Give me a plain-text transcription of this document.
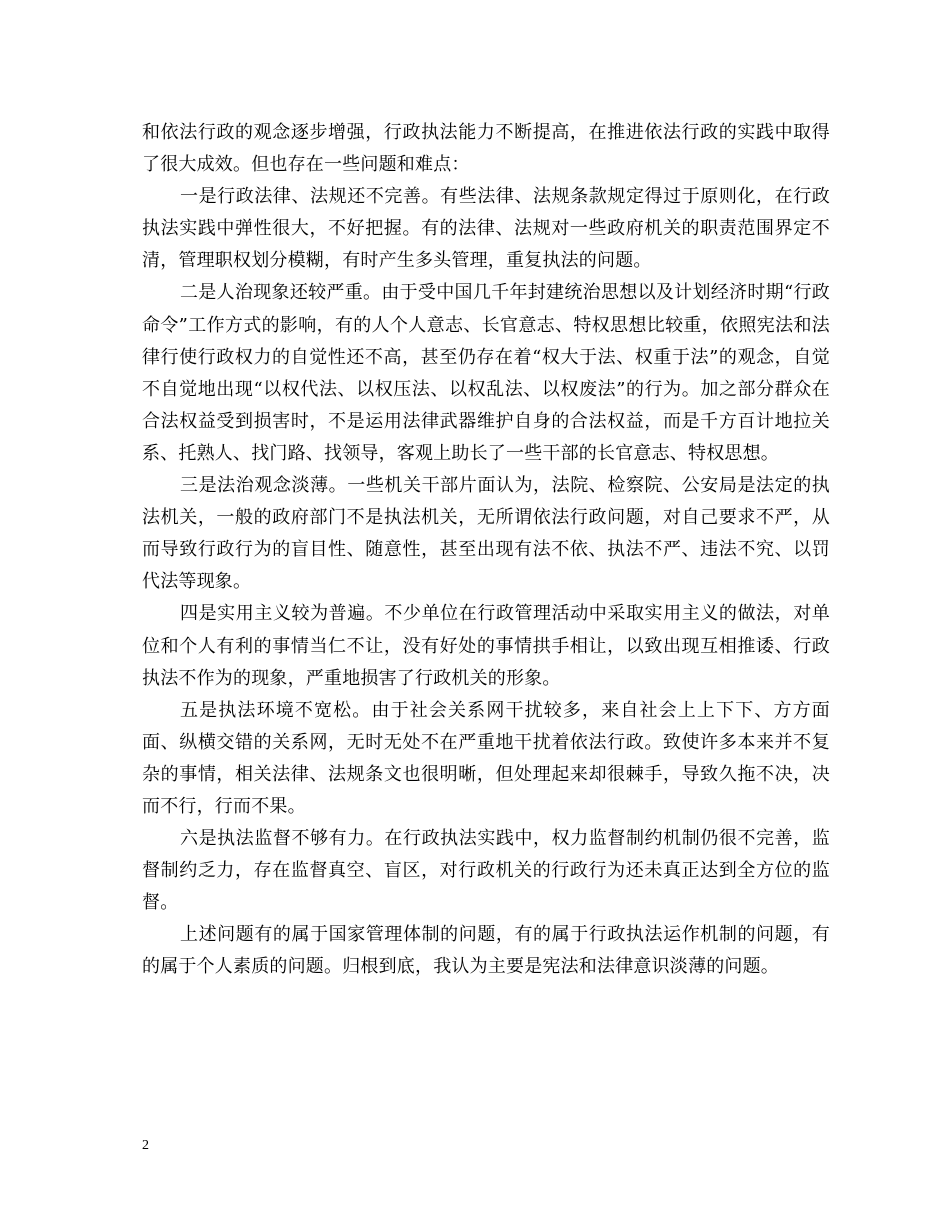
和依法行政的观念逐步增强，行政执法能力不断提高，在推进依法行政的实践中取得了很大成效。但也存在一些问题和难点：

一是行政法律、法规还不完善。有些法律、法规条款规定得过于原则化，在行政执法实践中弹性很大，不好把握。有的法律、法规对一些政府机关的职责范围界定不清，管理职权划分模糊，有时产生多头管理，重复执法的问题。

二是人治现象还较严重。由于受中国几千年封建统治思想以及计划经济时期“行政命令”工作方式的影响，有的人个人意志、长官意志、特权思想比较重，依照宪法和法律行使行政权力的自觉性还不高，甚至仍存在着“权大于法、权重于法”的观念，自觉不自觉地出现“以权代法、以权压法、以权乱法、以权废法”的行为。加之部分群众在合法权益受到损害时，不是运用法律武器维护自身的合法权益，而是千方百计地拉关系、托熟人、找门路、找领导，客观上助长了一些干部的长官意志、特权思想。

三是法治观念淡薄。一些机关干部片面认为，法院、检察院、公安局是法定的执法机关，一般的政府部门不是执法机关，无所谓依法行政问题，对自己要求不严，从而导致行政行为的盲目性、随意性，甚至出现有法不依、执法不严、违法不究、以罚代法等现象。

四是实用主义较为普遍。不少单位在行政管理活动中采取实用主义的做法，对单位和个人有利的事情当仁不让，没有好处的事情拱手相让，以致出现互相推诿、行政执法不作为的现象，严重地损害了行政机关的形象。

五是执法环境不宽松。由于社会关系网干扰较多，来自社会上上下下、方方面面、纵横交错的关系网，无时无处不在严重地干扰着依法行政。致使许多本来并不复杂的事情，相关法律、法规条文也很明晰，但处理起来却很棘手，导致久拖不决，决而不行，行而不果。

六是执法监督不够有力。在行政执法实践中，权力监督制约机制仍很不完善，监督制约乏力，存在监督真空、盲区，对行政机关的行政行为还未真正达到全方位的监督。

上述问题有的属于国家管理体制的问题，有的属于行政执法运作机制的问题，有的属于个人素质的问题。归根到底，我认为主要是宪法和法律意识淡薄的问题。

2
